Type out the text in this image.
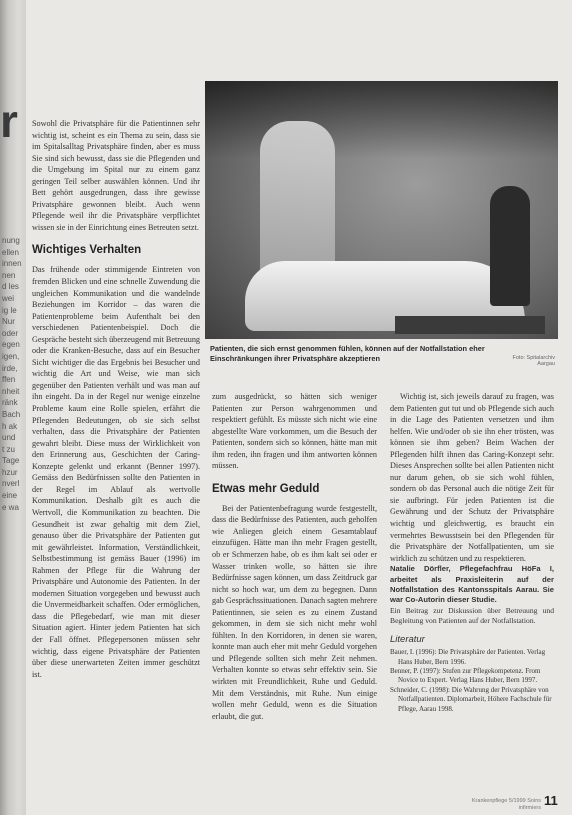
r
nung
ellen
innen
nen
d les
wei
ig le
Nur
oder
egen
igen,
irde,
ffen
nheit
ränk
Bach
h ak
und
t zu
Tage
hzur
nverl
eine
e wa

Sowohl die Privatsphäre für die Patientinnen sehr wichtig ist, scheint es ein Thema zu sein, dass sie im Spitalsalltag Privatsphäre finden, aber es muss Sie sind sich bewusst, dass sie die Pflegenden und die Umgebung im Spital nur zu einem ganz geringen Teil selber auswählen können. Und ihr Bett gehört ausgedrungen, dass ihre gewisse Privatsphäre gewonnen bleibt. Auch wenn Pflegende weil ihr die Privatsphäre verpflichtet wissen sie in der Einrichtung eines Betreuten setzt.

Wichtiges Verhalten

Das frühende oder stimmigende Eintreten von fremden Blicken und eine schnelle Zuwendung die ungleichen Kommunikation und die wandelnde Beziehungen im Korridor – das waren die Patientenprobleme beim Aufenthalt bei den verschiedenen Patientenbeispiel. Doch die Gespräche besteht sich überzeugend mit Betreuung oder die Kranken-Besuche, dass auf ein Besucher Sicht wichtiger die das Ergebnis bei Besucher und wichtig die Art und Weise, wie man sich gegenüber den Patienten verhält und was man auf ihn eingeht. Da in der Regel nur wenige einzelne Probleme kaum eine Rolle spielen, erfährt die Pflegenden Bedeutungen, ob sie sich selbst verhalten, dass die Privatsphäre der Patienten gewahrt bleibt. Diese muss der Wirklichkeit von den Erinnerung aus, Geschichten der Caring-Konzepte gelenkt und erkannt (Benner 1997). Gemäss den Bedürfnissen sollte den Patienten in der Regel im Ablauf als wertvolle Kommunikation. Deshalb gilt es auch die Wertvoll, die Kommunikation zu beachten. Die Gesundheit ist zwar gehaltig mit dem Ziel, genauso über die Privatsphäre der Patienten gut mit gewährleistet. Information, Verständlichkeit, Selbstbestimmung ist gemäss Bauer (1996) im Rahmen der Pflege für die Wahrung der Privatsphäre und Autonomie des Patienten. In der modernen Situation vorgegeben und bewusst auch die Unvermeidbarkeit schaffen. Oder ermöglichen, dass die Pflegebedarf, wie man mit dieser Situation agiert. Hinter jedem Patienten hat sich der Fall öffnet. Pflegepersonen müssen sehr wichtig, dass eigene Privatsphäre der Patienten über diese unerwarteten Zeiten immer geschützt ist.

Patienten, die sich ernst genommen fühlen, können auf der Notfallstation eher Einschränkungen ihrer Privatsphäre akzeptieren	Foto: Spitalarchiv Aargau

zum ausgedrückt, so hätten sich weniger Patienten zur Person wahrgenommen und respektiert gefühlt. Es müsste sich nicht wie eine abgestellte Ware vorkommen, um die Besuch der Patienten, sondern sich so können, hätte man mit ihm reden, ihn fragen und ihm antworten können müssen.

Etwas mehr Geduld

Bei der Patientenbefragung wurde festgestellt, dass die Bedürfnisse des Patienten, auch geholfen wie Anliegen gleich einem Gesamtablauf einzufügen. Hätte man ihn mehr Fragen gestellt, ob er Schmerzen habe, ob es ihm kalt sei oder er Wasser trinken wolle, so hätten sie ihre Bedürfnisse sagen können, um dass Zeitdruck gar nicht so hoch war, um dem zu begegnen. Dann gab Gesprächssituationen. Danach sagten mehrere Patientinnen, sie seien es zu einem Zustand gekommen, in dem sie sich nicht mehr wohl fühlten. In den Korridoren, in denen sie waren, konnte man auch eher mit mehr Geduld vorgehen und Pflegende sollten sich mehr Zeit nehmen. Verhalten konnte so etwas sehr effektiv sein. Sie wirkten mit Freundlichkeit, Ruhe und Geduld. Mit dem Verständnis, mit Ruhe. Nun einige wollen mehr Geduld, wenn es die Situation erlaubt, die gut.

Wichtig ist, sich jeweils darauf zu fragen, was dem Patienten gut tut und ob Pflegende sich auch in die Lage des Patienten versetzen und ihm helfen. Wie und/oder ob sie ihn eher trösten, was können sie ihm geben? Beim Wachen der Pflegenden hilft ihnen das Caring-Konzept sehr. Dieses Ansprechen sollte bei allen Patienten nicht nur darum gehen, ob sie sich wohl fühlen, sondern ob das Personal auch die nötige Zeit für sie aufbringt. Für jeden Patienten ist die Gewährung und der Schutz der Privatsphäre wichtig und gleichwertig, es braucht ein vermehrtes Bewusstsein bei den Pflegenden für die Privatsphäre der Notfallpatienten, um sie wirklich zu schützen und zu respektieren.

Natalie Dörfler, Pflegefachfrau HöFa I, arbeitet als Praxisleiterin auf der Notfallstation des Kantonsspitals Aarau. Sie war Co-Autorin dieser Studie.

Ein Beitrag zur Diskussion über Betreuung und Begleitung von Patienten auf der Notfallstation.

Literatur

Bauer, I. (1996): Die Privatsphäre der Patienten. Verlag Hans Huber, Bern 1996.

Benner, P. (1997): Stufen zur Pflegekompetenz. From Novice to Expert. Verlag Hans Huber, Bern 1997.

Schneider, C. (1998): Die Wahrung der Privatsphäre von Notfallpatienten. Diplomarbeit, Höhere Fachschule für Pflege, Aarau 1998.

Krankenpflege 5/1999 Soins infirmiers 11
